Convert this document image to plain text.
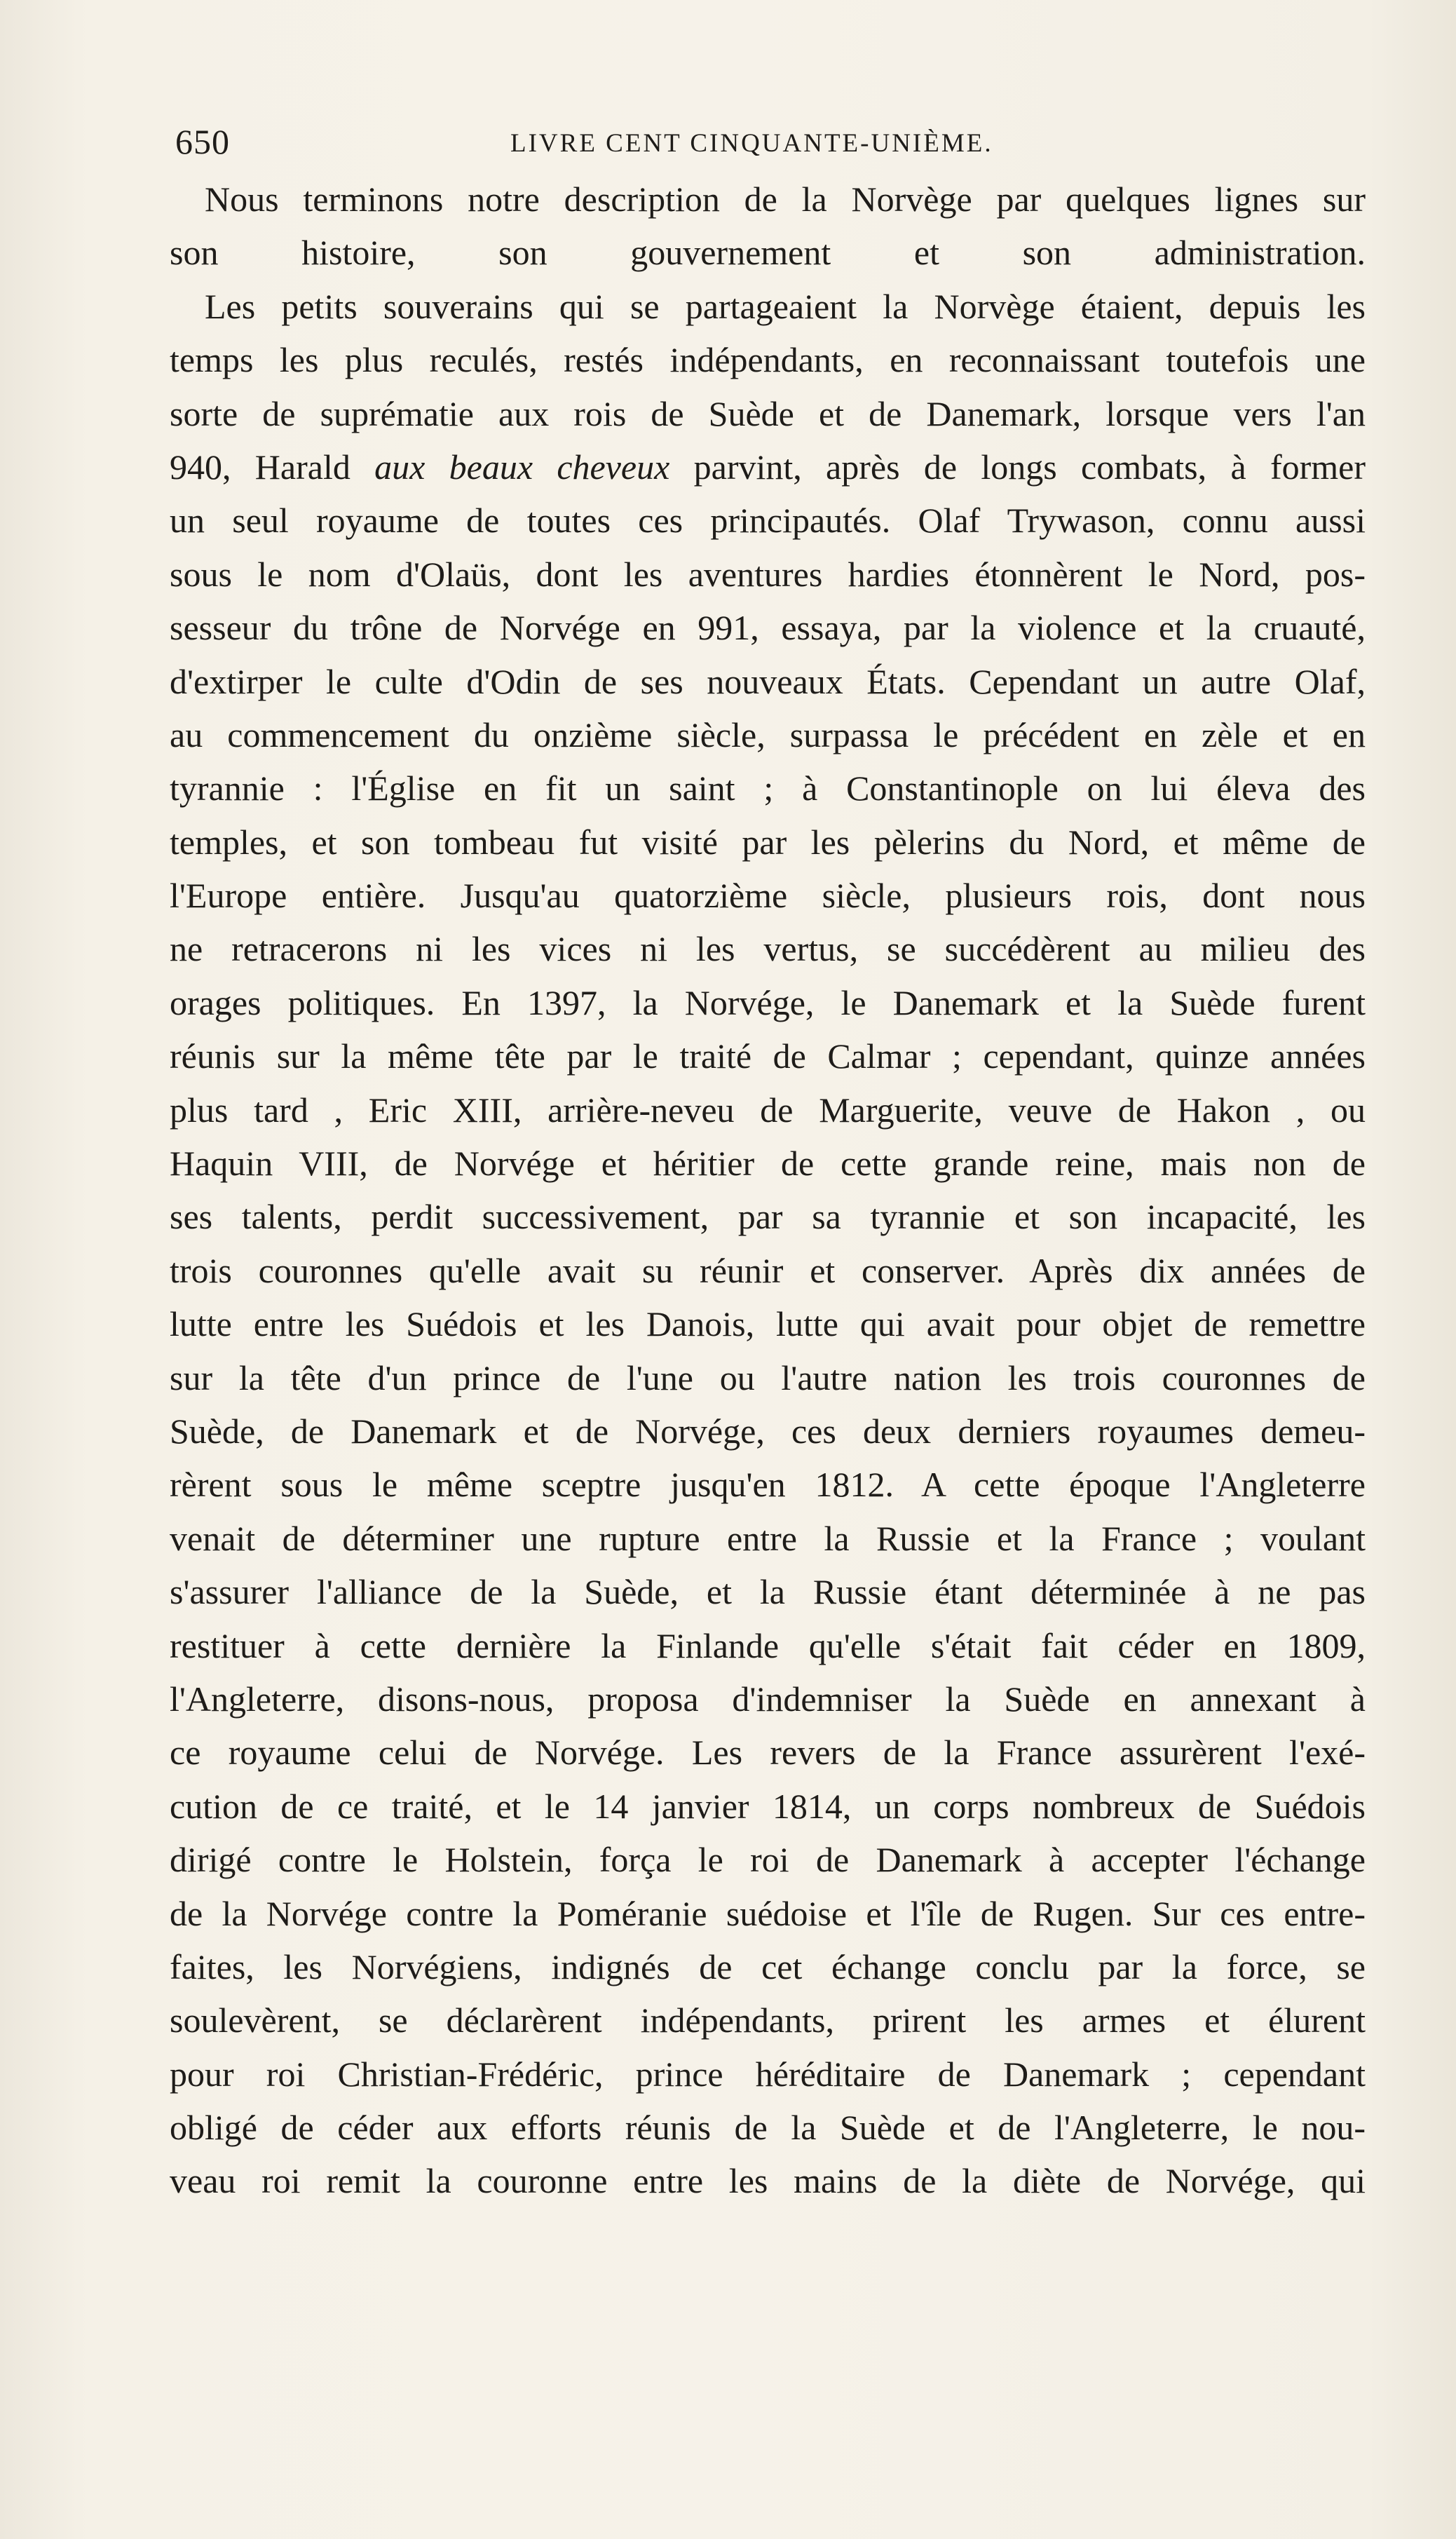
650	LIVRE CENT CINQUANTE-UNIÈME.
Nous terminons notre description de la Norvège par quelques lignes sur
son histoire, son gouvernement et son administration.
Les petits souverains qui se partageaient la Norvège étaient, depuis les
temps les plus reculés, restés indépendants, en reconnaissant toutefois une
sorte de suprématie aux rois de Suède et de Danemark, lorsque vers l'an
940, Harald aux beaux cheveux parvint, après de longs combats, à former
un seul royaume de toutes ces principautés. Olaf Trywason, connu aussi
sous le nom d'Olaüs, dont les aventures hardies étonnèrent le Nord, pos-
sesseur du trône de Norvége en 991, essaya, par la violence et la cruauté,
d'extirper le culte d'Odin de ses nouveaux États. Cependant un autre Olaf,
au commencement du onzième siècle, surpassa le précédent en zèle et en
tyrannie : l'Église en fit un saint ; à Constantinople on lui éleva des
temples, et son tombeau fut visité par les pèlerins du Nord, et même de
l'Europe entière. Jusqu'au quatorzième siècle, plusieurs rois, dont nous
ne retracerons ni les vices ni les vertus, se succédèrent au milieu des
orages politiques. En 1397, la Norvége, le Danemark et la Suède furent
réunis sur la même tête par le traité de Calmar ; cependant, quinze années
plus tard , Eric XIII, arrière-neveu de Marguerite, veuve de Hakon , ou
Haquin VIII, de Norvége et héritier de cette grande reine, mais non de
ses talents, perdit successivement, par sa tyrannie et son incapacité, les
trois couronnes qu'elle avait su réunir et conserver. Après dix années de
lutte entre les Suédois et les Danois, lutte qui avait pour objet de remettre
sur la tête d'un prince de l'une ou l'autre nation les trois couronnes de
Suède, de Danemark et de Norvége, ces deux derniers royaumes demeu-
rèrent sous le même sceptre jusqu'en 1812. A cette époque l'Angleterre
venait de déterminer une rupture entre la Russie et la France ; voulant
s'assurer l'alliance de la Suède, et la Russie étant déterminée à ne pas
restituer à cette dernière la Finlande qu'elle s'était fait céder en 1809,
l'Angleterre, disons-nous, proposa d'indemniser la Suède en annexant à
ce royaume celui de Norvége. Les revers de la France assurèrent l'exé-
cution de ce traité, et le 14 janvier 1814, un corps nombreux de Suédois
dirigé contre le Holstein, força le roi de Danemark à accepter l'échange
de la Norvége contre la Poméranie suédoise et l'île de Rugen. Sur ces entre-
faites, les Norvégiens, indignés de cet échange conclu par la force, se
soulevèrent, se déclarèrent indépendants, prirent les armes et élurent
pour roi Christian-Frédéric, prince héréditaire de Danemark ; cependant
obligé de céder aux efforts réunis de la Suède et de l'Angleterre, le nou-
veau roi remit la couronne entre les mains de la diète de Norvége, qui
